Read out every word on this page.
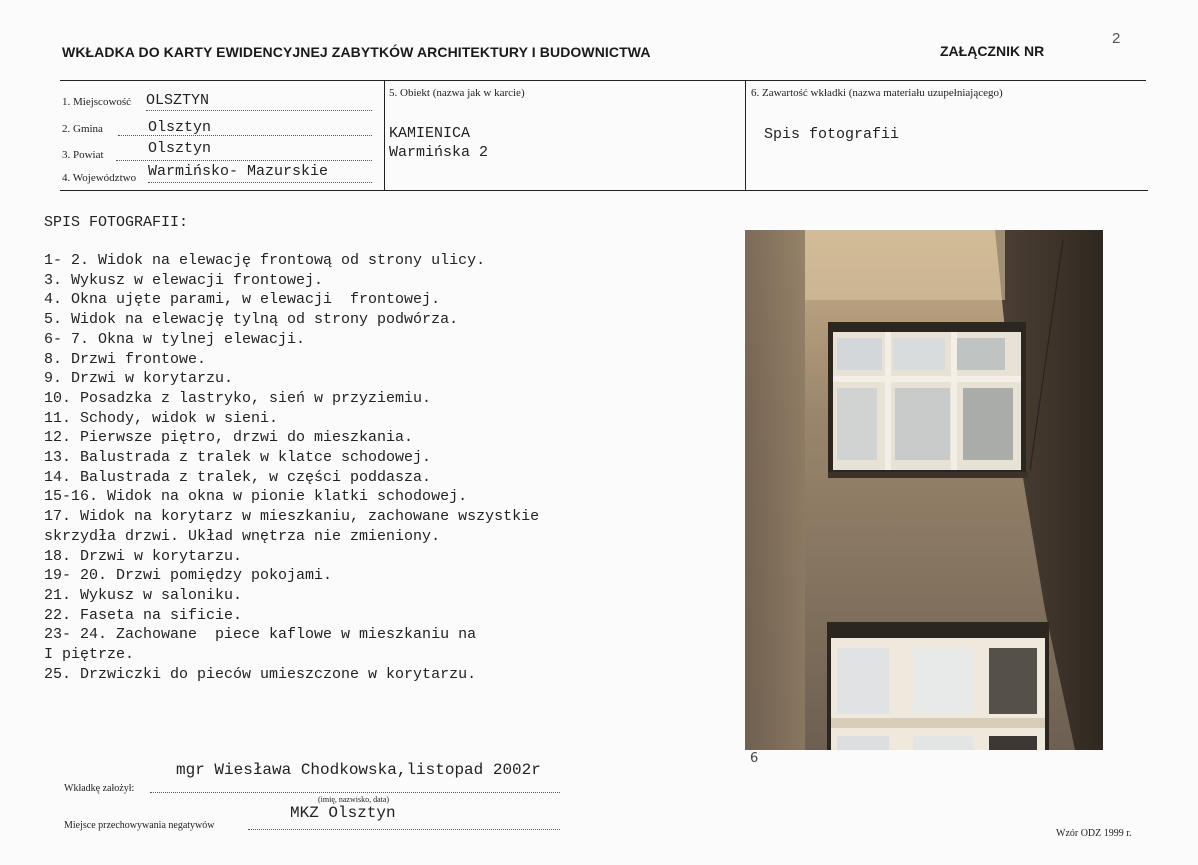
WKŁADKA DO KARTY EWIDENCYJNEJ ZABYTKÓW ARCHITEKTURY I BUDOWNICTWA	ZAŁĄCZNIK NR
2
1. Miejscowość OLSZTYN
2. Gmina	Olsztyn
3. Powiat	Olsztyn
4. Województwo Warmińsko- Mazurskie
5. Obiekt (nazwa jak w karcie)
KAMIENICA
Warmińska 2
6. Zawartość wkładki (nazwa materiału uzupełniającego)
Spis fotografii
SPIS FOTOGRAFII:
1- 2. Widok na elewację frontową od strony ulicy.
3. Wykusz w elewacji frontowej.
4. Okna ujęte parami, w elewacji  frontowej.
5. Widok na elewację tylną od strony podwórza.
6- 7. Okna w tylnej elewacji.
8. Drzwi frontowe.
9. Drzwi w korytarzu.
10. Posadzka z lastryko, sień w przyziemiu.
11. Schody, widok w sieni.
12. Pierwsze piętro, drzwi do mieszkania.
13. Balustrada z tralek w klatce schodowej.
14. Balustrada z tralek, w części poddasza.
15-16. Widok na okna w pionie klatki schodowej.
17. Widok na korytarz w mieszkaniu, zachowane wszystkie
skrzydła drzwi. Układ wnętrza nie zmieniony.
18. Drzwi w korytarzu.
19- 20. Drzwi pomiędzy pokojami.
21. Wykusz w saloniku.
22. Faseta na sificie.
23- 24. Zachowane  piece kaflowe w mieszkaniu na
I piętrze.
25. Drzwiczki do pieców umieszczone w korytarzu.
6
mgr Wiesława Chodkowska,listopad 2002r
Wkładkę założył:
(imię, nazwisko, data)
MKZ Olsztyn
Miejsce przechowywania negatywów
Wzór ODZ 1999 r.
